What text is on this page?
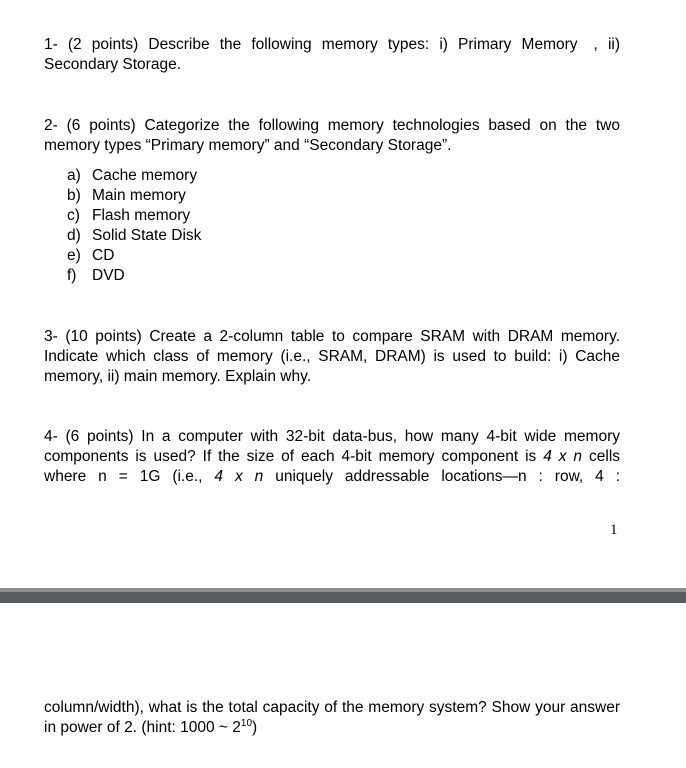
1- (2 points) Describe the following memory types: i) Primary Memory , ii)
Secondary Storage.
2- (6 points) Categorize the following memory technologies based on the two
memory types “Primary memory” and “Secondary Storage”.
a) Cache memory
b) Main memory
c) Flash memory
d) Solid State Disk
e) CD
f)	DVD
3- (10 points) Create a 2-column table to compare SRAM with DRAM memory.
Indicate which class of memory (i.e., SRAM, DRAM) is used to build: i) Cache
memory, ii) main memory. Explain why.
4- (6 points) In a computer with 32-bit data-bus, how many 4-bit wide memory
components is used? If the size of each 4-bit memory component is 4 x n cells
where n = 1G (i.e., 4 x n uniquely addressable locations—n : row, 4 :
1
column/width), what is the total capacity of the memory system? Show your answer
in power of 2. (hint: 1000 ~ $2^{10}$)
